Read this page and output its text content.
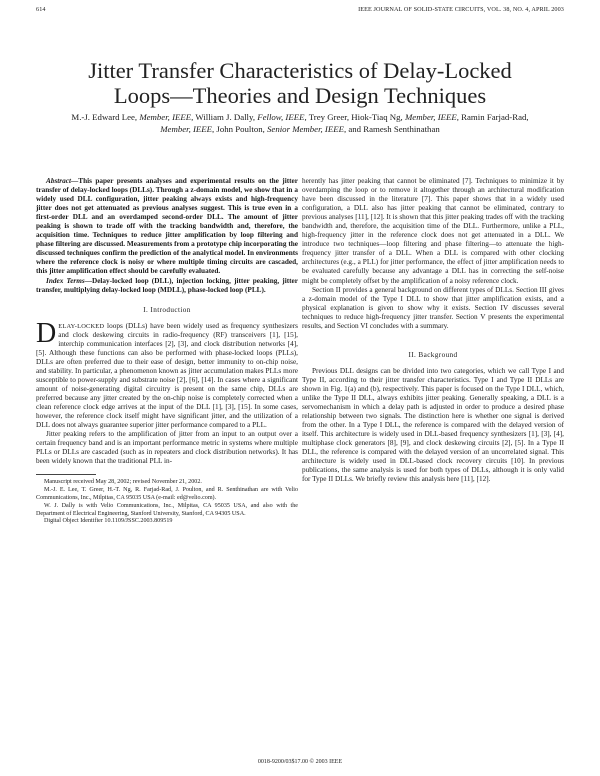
614	IEEE JOURNAL OF SOLID-STATE CIRCUITS, VOL. 38, NO. 4, APRIL 2003
Jitter Transfer Characteristics of Delay-Locked
Loops—Theories and Design Techniques
M.-J. Edward Lee, Member, IEEE, William J. Dally, Fellow, IEEE, Trey Greer, Hiok-Tiaq Ng, Member, IEEE, Ramin Farjad-Rad, Member, IEEE, John Poulton, Senior Member, IEEE, and Ramesh Senthinathan

Abstract—This paper presents analyses and experimental results on the jitter transfer of delay-locked loops (DLLs). Through a z-domain model, we show that in a widely used DLL configuration, jitter peaking always exists and high-frequency jitter does not get attenuated as previous analyses suggest. This is true even in a first-order DLL and an overdamped second-order DLL. The amount of jitter peaking is shown to trade off with the tracking bandwidth and, therefore, the acquisition time. Techniques to reduce jitter amplification by loop filtering and phase filtering are discussed. Measurements from a prototype chip incorporating the discussed techniques confirm the prediction of the analytical model. In environments where the reference clock is noisy or where multiple timing circuits are cascaded, this jitter amplification effect should be carefully evaluated.

Index Terms—Delay-locked loop (DLL), injection locking, jitter peaking, jitter transfer, multiplying delay-locked loop (MDLL), phase-locked loop (PLL).

I. Introduction

DELAY-LOCKED loops (DLLs) have been widely used as frequency synthesizers and clock deskewing circuits in radio-frequency (RF) transceivers [1], [15], interchip communication interfaces [2], [3], and clock distribution networks [4], [5]. Although these functions can also be performed with phase-locked loops (PLLs), DLLs are often preferred due to their ease of design, better immunity to on-chip noise, and stability. In particular, a phenomenon known as jitter accumulation makes PLLs more susceptible to power-supply and substrate noise [2], [6], [14]. In cases where a significant amount of noise-generating digital circuitry is present on the same chip, DLLs are preferred because any jitter created by the on-chip noise is completely corrected when a clean reference clock edge arrives at the input of the DLL [1], [3], [15]. In some cases, however, the reference clock itself might have significant jitter, and the utilization of a DLL does not always guarantee superior jitter performance compared to a PLL.

Jitter peaking refers to the amplification of jitter from an input to an output over a certain frequency band and is an important performance metric in systems where multiple PLLs or DLLs are cascaded (such as in repeaters and clock distribution networks). It has been widely known that the traditional PLL in-

Manuscript received May 28, 2002; revised November 21, 2002.

M.-J. E. Lee, T. Greer, H.-T. Ng, R. Farjad-Rad, J. Poulton, and R. Senthinathan are with Velio Communications, Inc., Milpitas, CA 95035 USA (e-mail: ed@velio.com).

W. J. Dally is with Velio Communications, Inc., Milpitas, CA 95035 USA, and also with the Department of Electrical Engineering, Stanford University, Stanford, CA 94305 USA.

Digital Object Identifier 10.1109/JSSC.2003.809519

herently has jitter peaking that cannot be eliminated [7]. Techniques to minimize it by overdamping the loop or to remove it altogether through an architectural modification have been discussed in the literature [7]. This paper shows that in a widely used configuration, a DLL also has jitter peaking that cannot be eliminated, contrary to previous analyses [11], [12]. It is shown that this jitter peaking trades off with the tracking bandwidth and, therefore, the acquisition time of the DLL. Furthermore, unlike a PLL, high-frequency jitter in the reference clock does not get attenuated in a DLL. We introduce two techniques—loop filtering and phase filtering—to attenuate the high-frequency jitter transfer of a DLL. When a DLL is compared with other clocking architectures (e.g., a PLL) for jitter performance, the effect of jitter amplification needs to be evaluated carefully because any advantage a DLL has in correcting the self-noise might be completely offset by the amplification of a noisy reference clock.

Section II provides a general background on different types of DLLs. Section III gives a z-domain model of the Type I DLL to show that jitter amplification exists, and a physical explanation is given to show why it exists. Section IV discusses several techniques to reduce high-frequency jitter transfer. Section V presents the experimental results, and Section VI concludes with a summary.

II. Background

Previous DLL designs can be divided into two categories, which we call Type I and Type II, according to their jitter transfer characteristics. Type I and Type II DLLs are shown in Fig. 1(a) and (b), respectively. This paper is focused on the Type I DLL, which, unlike the Type II DLL, always exhibits jitter peaking. Generally speaking, a DLL is a servomechanism in which a delay path is adjusted in order to produce a desired phase relationship between two signals. The distinction here is whether one signal is derived from the other. In a Type I DLL, the reference is compared with the delayed version of itself. This architecture is widely used in DLL-based frequency synthesizers [1], [3], [4], multiphase clock generators [8], [9], and clock deskewing circuits [2], [5]. In a Type II DLL, the reference is compared with the delayed version of an uncorrelated signal. This architecture is widely used in DLL-based clock recovery circuits [10]. In previous publications, the same analysis is used for both types of DLLs, although it is only valid for Type II DLLs. We briefly review this analysis here [11], [12].

0018-9200/03$17.00 © 2003 IEEE
